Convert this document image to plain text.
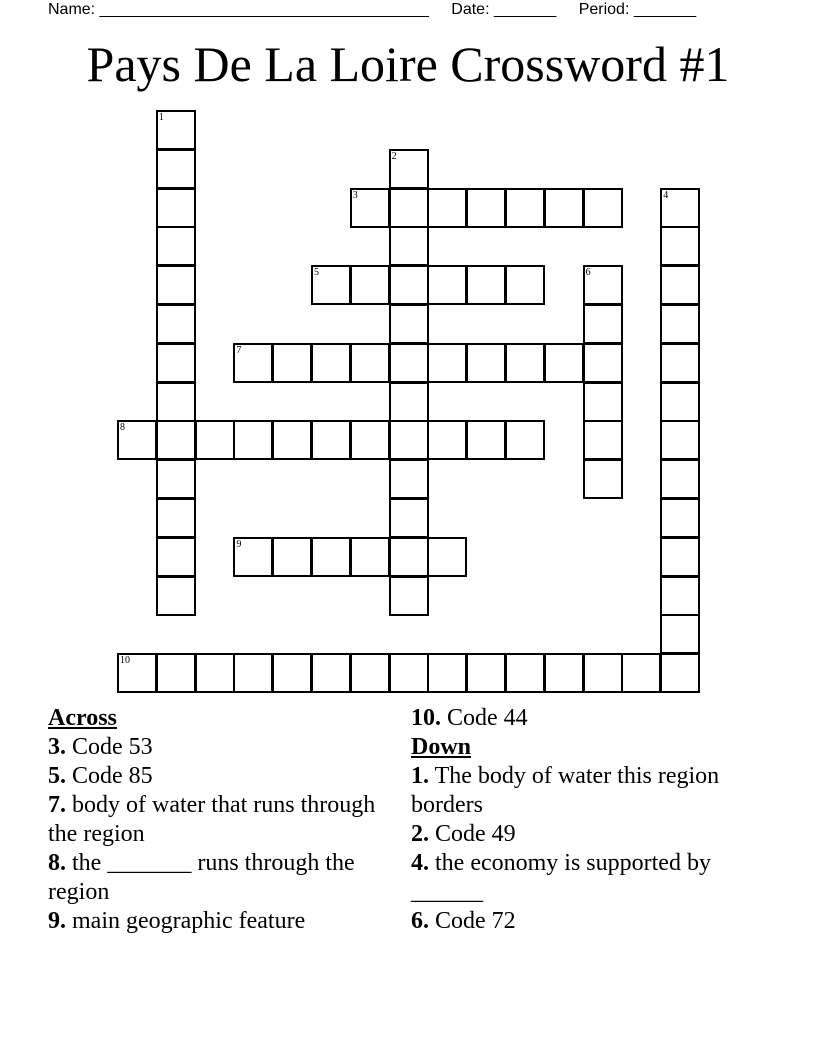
Name: _____________________________________ Date: _______ Period: _______
Pays De La Loire Crossword #1
1
2
3	4
5	6
7
8
9
10
Across
3. Code 53
5. Code 85
7. body of water that runs through the region
8. the _______ runs through the region
9. main geographic feature
10. Code 44
Down
1. The body of water this region borders
2. Code 49
4. the economy is supported by ______
6. Code 72
